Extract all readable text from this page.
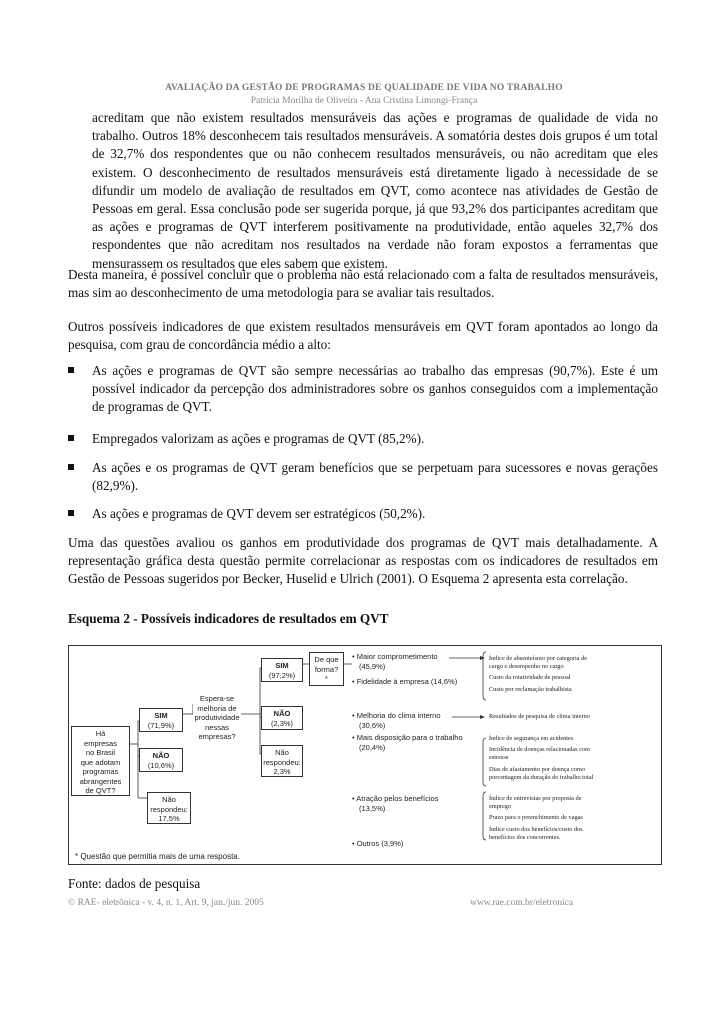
AVALIAÇÃO DA GESTÃO DE PROGRAMAS DE QUALIDADE DE VIDA NO TRABALHO
Patrícia Morilha de Oliveira - Ana Cristina Limongi-França
acreditam que não existem resultados mensuráveis das ações e programas de qualidade de vida no trabalho. Outros 18% desconhecem tais resultados mensuráveis. A somatória destes dois grupos é um total de 32,7% dos respondentes que ou não conhecem resultados mensuráveis, ou não acreditam que eles existem. O desconhecimento de resultados mensuráveis está diretamente ligado à necessidade de se difundir um modelo de avaliação de resultados em QVT, como acontece nas atividades de Gestão de Pessoas em geral. Essa conclusão pode ser sugerida porque, já que 93,2% dos participantes acreditam que as ações e programas de QVT interferem positivamente na produtividade, então aqueles 32,7% dos respondentes que não acreditam nos resultados na verdade não foram expostos a ferramentas que mensurassem os resultados que eles sabem que existem.
Desta maneira, é possível concluir que o problema não está relacionado com a falta de resultados mensuráveis, mas sim ao desconhecimento de uma metodologia para se avaliar tais resultados.
Outros possíveis indicadores de que existem resultados mensuráveis em QVT foram apontados ao longo da pesquisa, com grau de concordância médio a alto:
As ações e programas de QVT são sempre necessárias ao trabalho das empresas (90,7%). Este é um possível indicador da percepção dos administradores sobre os ganhos conseguidos com a implementação de programas de QVT.
Empregados valorizam as ações e programas de QVT (85,2%).
As ações e os programas de QVT geram benefícios que se perpetuam para sucessores e novas gerações (82,9%).
As ações e programas de QVT devem ser estratégicos (50,2%).
Uma das questões avaliou os ganhos em produtividade dos programas de QVT mais detalhadamente. A representação gráfica desta questão permite correlacionar as respostas com os indicadores de resultados em Gestão de Pessoas sugeridos por Becker, Huselid e Ulrich (2001). O Esquema 2 apresenta esta correlação.
Esquema 2 - Possíveis indicadores de resultados em QVT
Há
empresas
no Brasil
que adotam
programas
abrangentes
de QVT?
SIM
(71,9%)
NÃO
(10,6%)
Não
respondeu:
17,5%
Espera-se
melhoria de
produtividade
nessas
empresas?
SIM
(97,2%)
NÃO
(2,3%)
Não
respondeu:
2,3%
De que
forma?
*
• Maior comprometimento
(45,9%)
• Fidelidade à empresa (14,6%)
• Melhoria do clima interno
(30,6%)
• Mais disposição para o trabalho
(20,4%)
• Atração pelos benefícios
(13,5%)
• Outros (3,9%)
Índice de absenteísmo por categoria de
cargo e desempenho no cargo
Custo da rotatividade de pessoal
Custo por reclamação trabalhista
Resultados de pesquisa de clima interno
Índice de segurança em acidentes
Incidência de doenças relacionadas com
estresse
Dias de afastamento por doença como
porcentagem da duração do trabalho total
Índice de entrevistas por proposta de
emprego
Prazo para o preenchimento de vagas
Índice custo dos benefícios/custo dos
benefícios dos concorrentes.
* Questão que permitia mais de uma resposta.
Fonte: dados de pesquisa
© RAE- eletrônica - v. 4, n. 1, Art. 9, jan./jun. 2005	www.rae.com.br/eletronica
